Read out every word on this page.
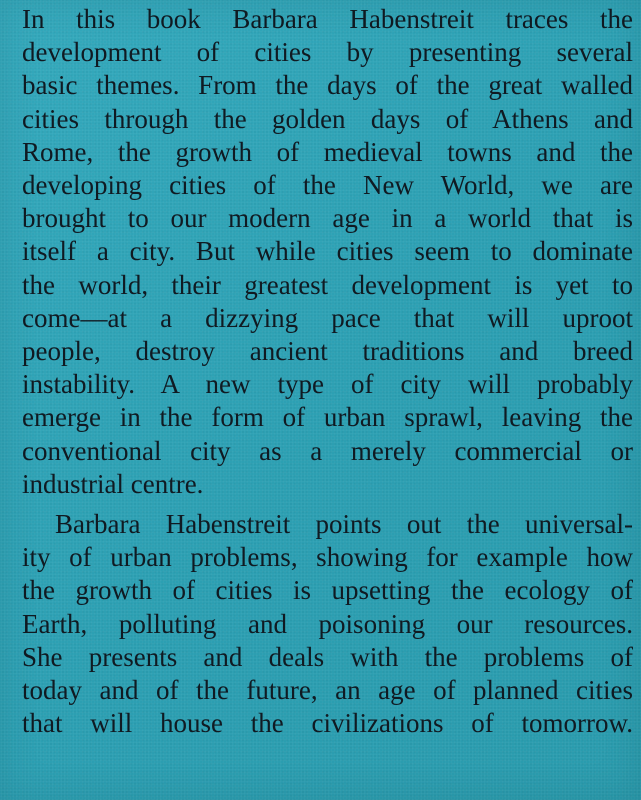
In this book Barbara Habenstreit traces the
development of cities by presenting several
basic themes. From the days of the great walled
cities through the golden days of Athens and
Rome, the growth of medieval towns and the
developing cities of the New World, we are
brought to our modern age in a world that is
itself a city. But while cities seem to dominate
the world, their greatest development is yet to
come—at a dizzying pace that will uproot
people, destroy ancient traditions and breed
instability. A new type of city will probably
emerge in the form of urban sprawl, leaving the
conventional city as a merely commercial or
industrial centre.

Barbara Habenstreit points out the universal-
ity of urban problems, showing for example how
the growth of cities is upsetting the ecology of
Earth, polluting and poisoning our resources.
She presents and deals with the problems of
today and of the future, an age of planned cities
that will house the civilizations of tomorrow.
